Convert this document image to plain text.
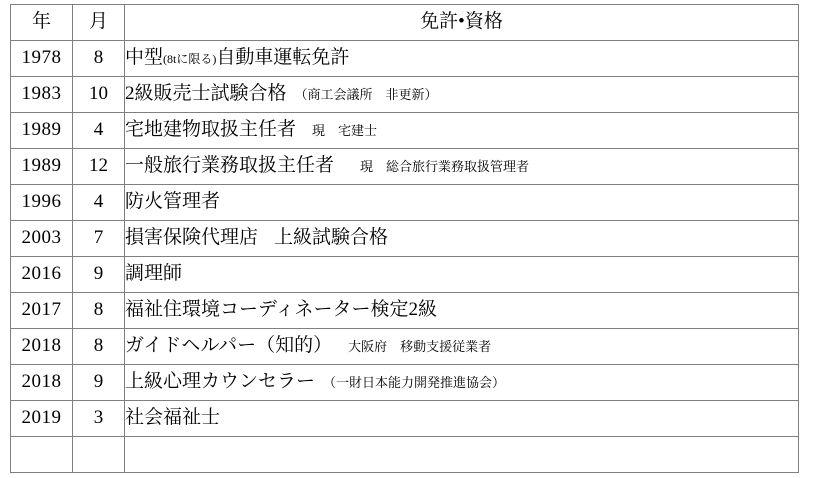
年	月	免許•資格
1978	8	中型(8tに限る)自動車運転免許
1983	10	2級販売士試験合格 （商工会議所　非更新）
1989	4	宅地建物取扱主任者 現　宅建士
1989	12	一般旅行業務取扱主任者 現　総合旅行業務取扱管理者
1996	4	防火管理者
2003	7	損害保険代理店 上級試験合格
2016	9	調理師
2017	8	福祉住環境コーディネーター検定2級
2018	8	ガイドヘルパー（知的） 大阪府　移動支援従業者
2018	9	上級心理カウンセラー （一財日本能力開発推進協会）
2019	3	社会福祉士
